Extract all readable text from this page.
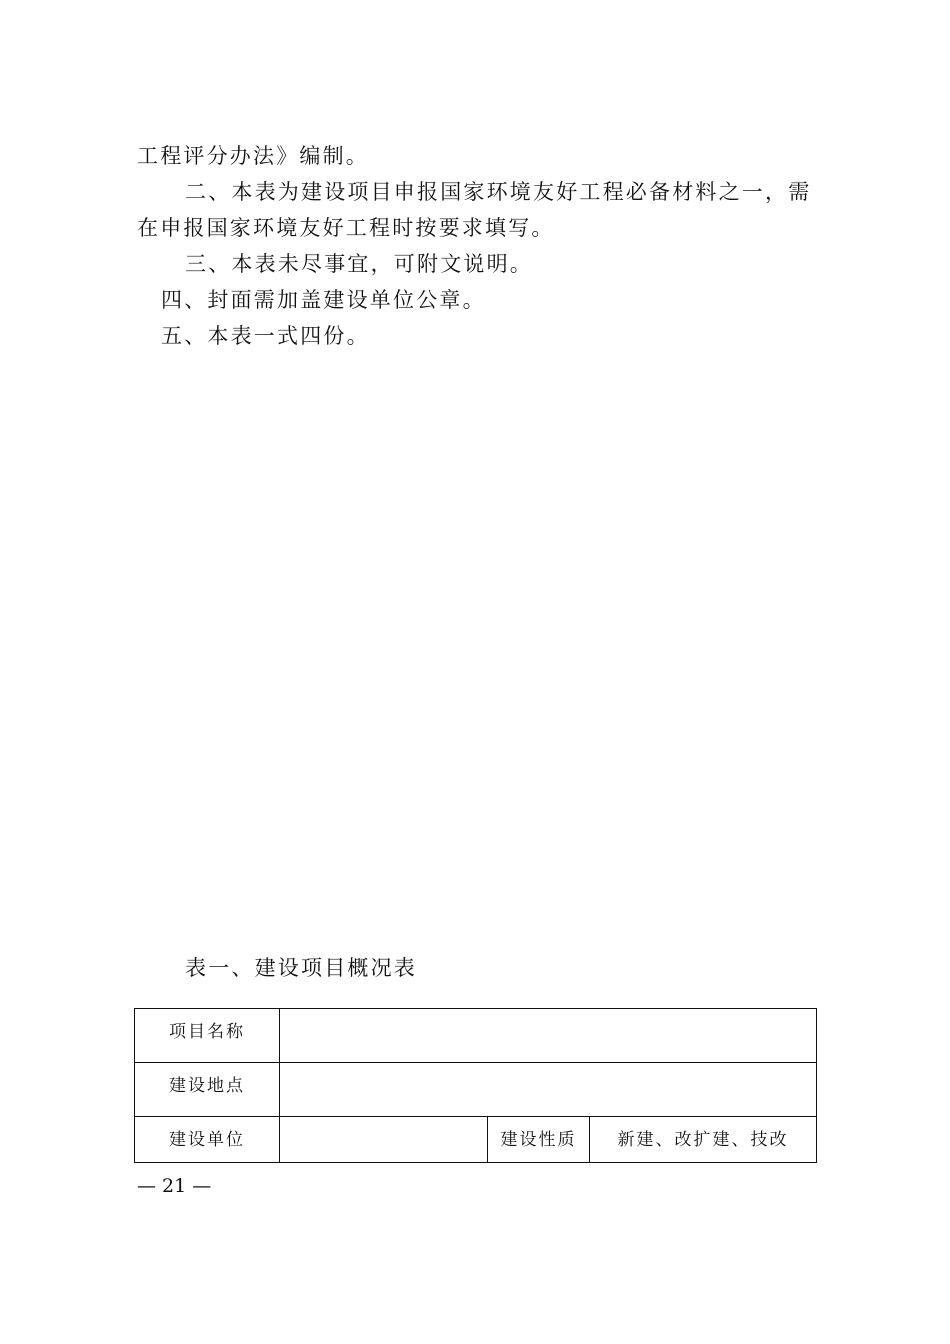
工程评分办法》编制。

二、本表为建设项目申报国家环境友好工程必备材料之一，需

在申报国家环境友好工程时按要求填写。

三、本表未尽事宜，可附文说明。

四、封面需加盖建设单位公章。

五、本表一式四份。

表一、建设项目概况表
项目名称			
建设地点			
建设单位		建设性质	新建、改扩建、技改
— 21 —
